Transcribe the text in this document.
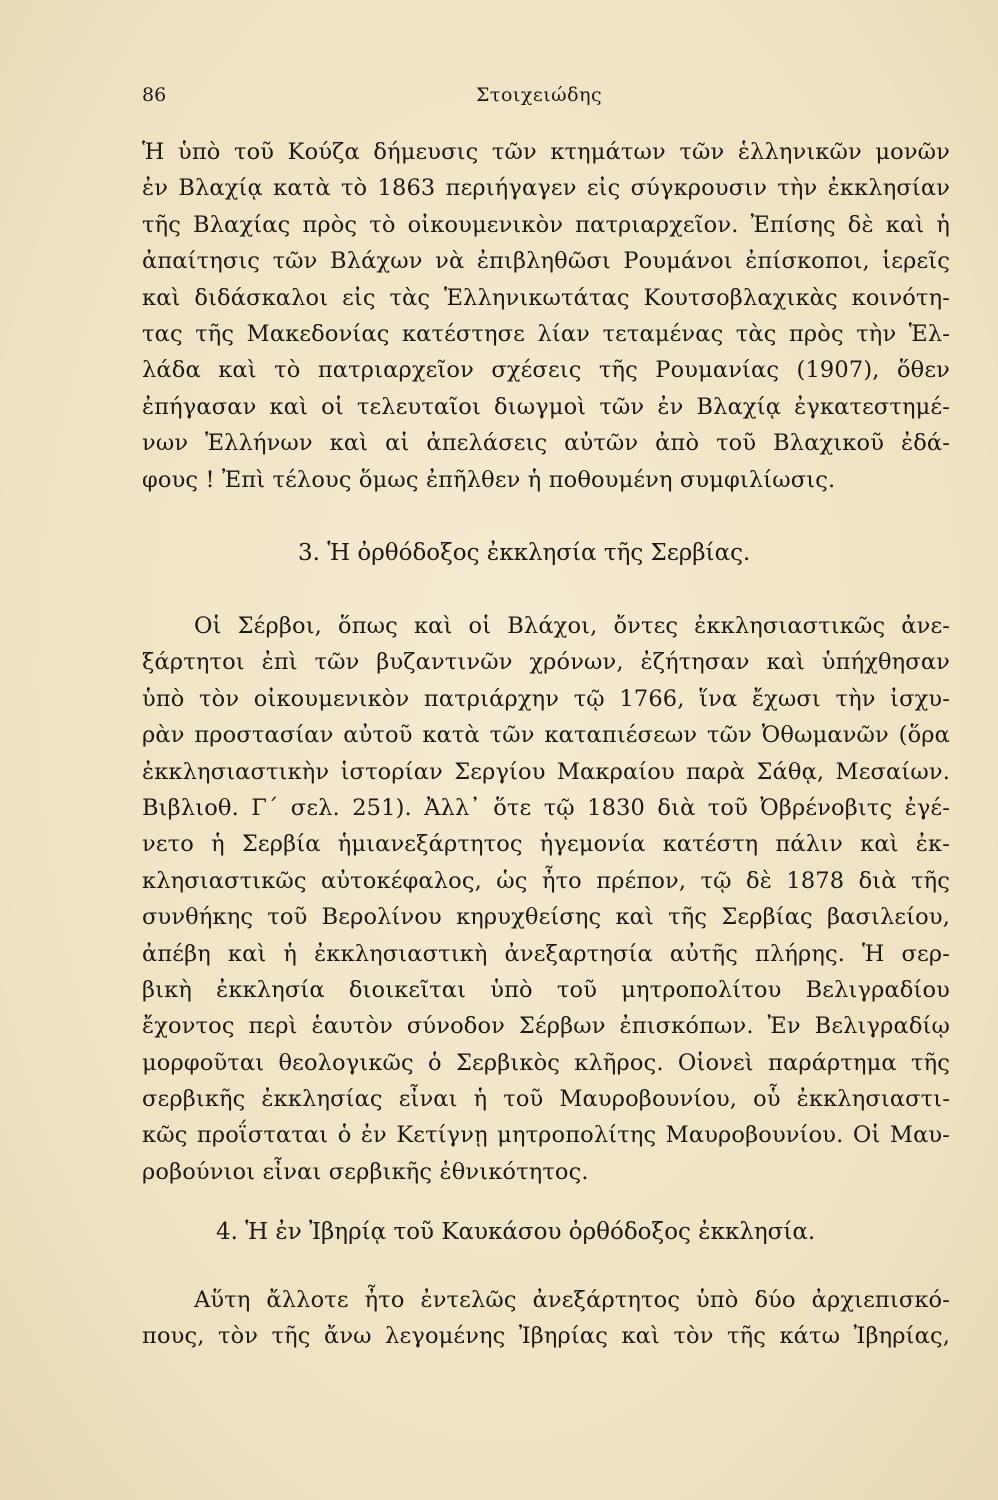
86	Στοιχειώδης
Ἡ ὑπὸ τοῦ Κούζα δήμευσις τῶν κτημάτων τῶν ἑλληνικῶν μονῶν
ἐν Βλαχίᾳ κατὰ τὸ 1863 περιήγαγεν εἰς σύγκρουσιν τὴν ἐκκλησίαν
τῆς Βλαχίας πρὸς τὸ οἰκουμενικὸν πατριαρχεῖον. Ἐπίσης δὲ καὶ ἡ
ἀπαίτησις τῶν Βλάχων νὰ ἐπιβληθῶσι Ρουμάνοι ἐπίσκοποι, ἱερεῖς
καὶ διδάσκαλοι εἰς τὰς Ἑλληνικωτάτας Κουτσοβλαχικὰς κοινότη-
τας τῆς Μακεδονίας κατέστησε λίαν τεταμένας τὰς πρὸς τὴν Ἑλ-
λάδα καὶ τὸ πατριαρχεῖον σχέσεις τῆς Ρουμανίας (1907), ὅθεν
ἐπήγασαν καὶ οἱ τελευταῖοι διωγμοὶ τῶν ἐν Βλαχίᾳ ἐγκατεστημέ-
νων Ἑλλήνων καὶ αἱ ἀπελάσεις αὐτῶν ἀπὸ τοῦ Βλαχικοῦ ἐδά-
φους ! Ἐπὶ τέλους ὅμως ἐπῆλθεν ἡ ποθουμένη συμφιλίωσις.
3. Ἡ ὀρθόδοξος ἐκκλησία τῆς Σερβίας.
Οἱ Σέρβοι, ὅπως καὶ οἱ Βλάχοι, ὄντες ἐκκλησιαστικῶς ἀνε-
ξάρτητοι ἐπὶ τῶν βυζαντινῶν χρόνων, ἐζήτησαν καὶ ὑπήχθησαν
ὑπὸ τὸν οἰκουμενικὸν πατριάρχην τῷ 1766, ἵνα ἔχωσι τὴν ἰσχυ-
ρὰν προστασίαν αὐτοῦ κατὰ τῶν καταπιέσεων τῶν Ὀθωμανῶν (ὅρα
ἐκκλησιαστικὴν ἱστορίαν Σεργίου Μακραίου παρὰ Σάθᾳ, Μεσαίων.
Βιβλιοθ. Γ΄ σελ. 251). Ἀλλ᾿ ὅτε τῷ 1830 διὰ τοῦ Ὀβρένοβιτς ἐγέ-
νετο ἡ Σερβία ἡμιανεξάρτητος ἡγεμονία κατέστη πάλιν καὶ ἐκ-
κλησιαστικῶς αὐτοκέφαλος, ὡς ἦτο πρέπον, τῷ δὲ 1878 διὰ τῆς
συνθήκης τοῦ Βερολίνου κηρυχθείσης καὶ τῆς Σερβίας βασιλείου,
ἀπέβη καὶ ἡ ἐκκλησιαστικὴ ἀνεξαρτησία αὐτῆς πλήρης. Ἡ σερ-
βικὴ ἐκκλησία διοικεῖται ὑπὸ τοῦ μητροπολίτου Βελιγραδίου
ἔχοντος περὶ ἑαυτὸν σύνοδον Σέρβων ἐπισκόπων. Ἐν Βελιγραδίῳ
μορφοῦται θεολογικῶς ὁ Σερβικὸς κλῆρος. Οἱονεὶ παράρτημα τῆς
σερβικῆς ἐκκλησίας εἶναι ἡ τοῦ Μαυροβουνίου, οὗ ἐκκλησιαστι-
κῶς προΐσταται ὁ ἐν Κετίγνῃ μητροπολίτης Μαυροβουνίου. Οἱ Μαυ-
ροβούνιοι εἶναι σερβικῆς ἐθνικότητος.
4. Ἡ ἐν Ἰβηρίᾳ τοῦ Καυκάσου ὀρθόδοξος ἐκκλησία.
Αὕτη ἄλλοτε ἦτο ἐντελῶς ἀνεξάρτητος ὑπὸ δύο ἀρχιεπισκό-
πους, τὸν τῆς ἄνω λεγομένης Ἰβηρίας καὶ τὸν τῆς κάτω Ἰβηρίας,
